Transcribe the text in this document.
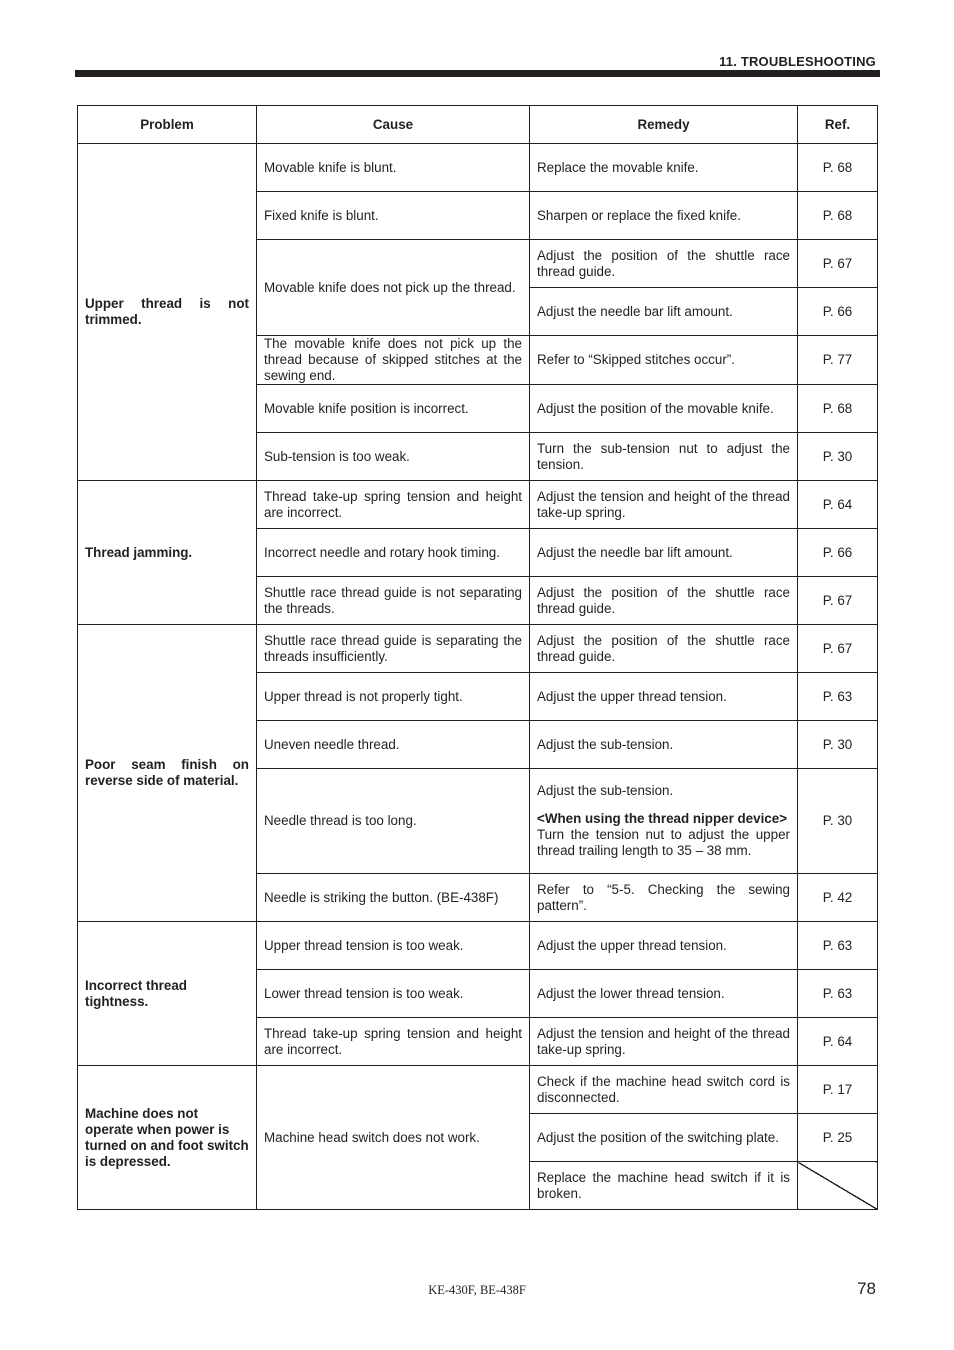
11. TROUBLESHOOTING
Problem	Cause	Remedy	Ref.
Upper thread is not trimmed.	Movable knife is blunt.	Replace the movable knife.	P. 68
	Fixed knife is blunt.	Sharpen or replace the fixed knife.	P. 68
	Movable knife does not pick up the thread.	Adjust the position of the shuttle race thread guide.	P. 67
		Adjust the needle bar lift amount.	P. 66
	The movable knife does not pick up the thread because of skipped stitches at the sewing end.	Refer to “Skipped stitches occur”.	P. 77
	Movable knife position is incorrect.	Adjust the position of the movable knife.	P. 68
	Sub-tension is too weak.	Turn the sub-tension nut to adjust the tension.	P. 30
Thread jamming.	Thread take-up spring tension and height are incorrect.	Adjust the tension and height of the thread take-up spring.	P. 64
	Incorrect needle and rotary hook timing.	Adjust the needle bar lift amount.	P. 66
	Shuttle race thread guide is not separating the threads.	Adjust the position of the shuttle race thread guide.	P. 67
Poor seam finish on reverse side of material.	Shuttle race thread guide is separating the threads insufficiently.	Adjust the position of the shuttle race thread guide.	P. 67
	Upper thread is not properly tight.	Adjust the upper thread tension.	P. 63
	Uneven needle thread.	Adjust the sub-tension.	P. 30
	Needle thread is too long.	Adjust the sub-tension.
<When using the thread nipper device>
Turn the tension nut to adjust the upper thread trailing length to 35 – 38 mm.	P. 30
	Needle is striking the button. (BE-438F)	Refer to “5-5. Checking the sewing pattern”.	P. 42
Incorrect thread tightness.	Upper thread tension is too weak.	Adjust the upper thread tension.	P. 63
	Lower thread tension is too weak.	Adjust the lower thread tension.	P. 63
	Thread take-up spring tension and height are incorrect.	Adjust the tension and height of the thread take-up spring.	P. 64
Machine does not operate when power is turned on and foot switch is depressed.	Machine head switch does not work.	Check if the machine head switch cord is disconnected.	P. 17
		Adjust the position of the switching plate.	P. 25
		Replace the machine head switch if it is broken.	
KE-430F, BE-438F	78
